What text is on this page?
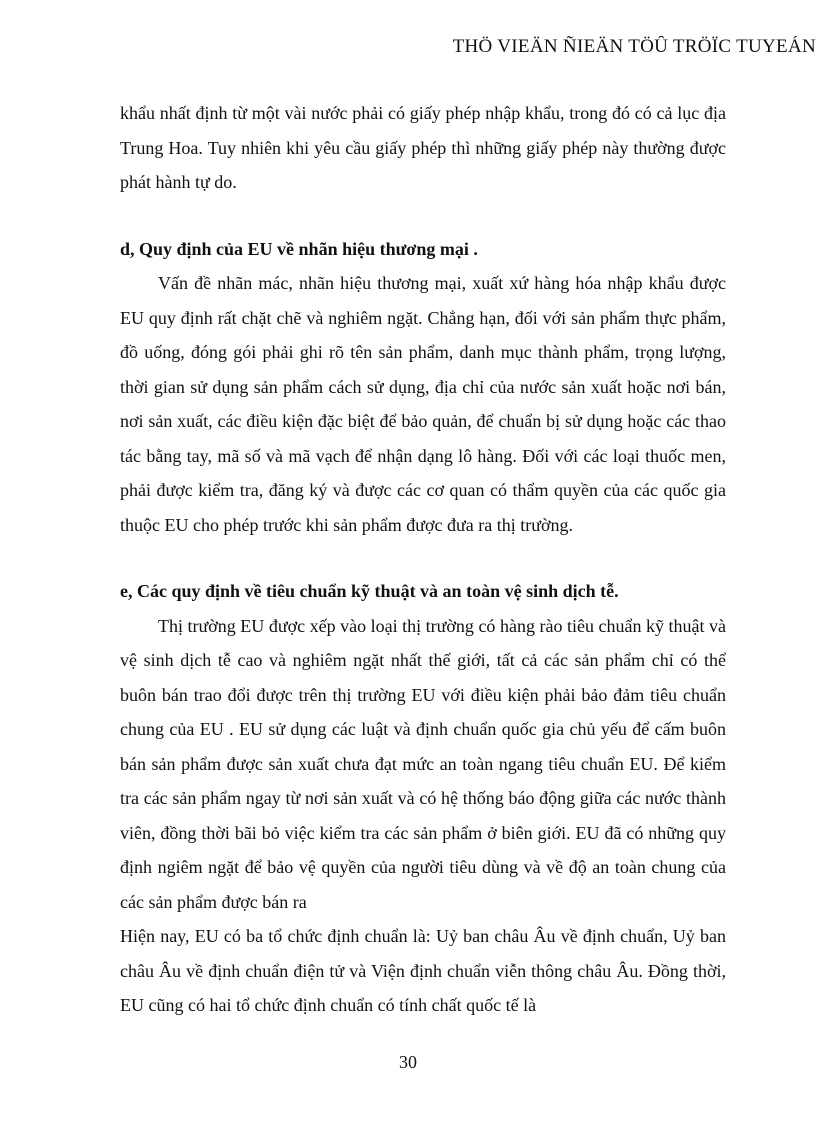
THÖ VIEÄN ÑIEÄN TÖÛ TRÖÏC TUYEÁN

khẩu nhất định từ một vài nước phải có giấy phép nhập khẩu, trong đó có cả lục địa Trung Hoa. Tuy nhiên khi yêu cầu giấy phép thì những giấy phép này thường được phát hành tự do.

d, Quy định của EU về nhãn hiệu thương mại .

Vấn đề nhãn mác, nhãn hiệu thương mại, xuất xứ hàng hóa nhập khẩu được EU quy định rất chặt chẽ và nghiêm ngặt. Chẳng hạn, đối với sản phẩm thực phẩm, đồ uống, đóng gói phải ghi rõ tên sản phẩm, danh mục thành phẩm, trọng lượng, thời gian sử dụng sản phẩm cách sử dụng, địa chỉ của nước sản xuất hoặc nơi bán, nơi sản xuất, các điều kiện đặc biệt để bảo quản, để chuẩn bị sử dụng hoặc các thao tác bằng tay, mã số và mã vạch để nhận dạng lô hàng. Đối với các loại thuốc men, phải được kiểm tra, đăng ký và được các cơ quan có thẩm quyền của các quốc gia thuộc EU cho phép trước khi sản phẩm được đưa ra thị trường.

e, Các quy định về tiêu chuẩn kỹ thuật và an toàn vệ sinh dịch tễ.

Thị trường EU được xếp vào loại thị trường có hàng rào tiêu chuẩn kỹ thuật và vệ sinh dịch tễ cao và nghiêm ngặt nhất thế giới, tất cả các sản phẩm chỉ có thể buôn bán trao đổi được trên thị trường EU với điều kiện phải bảo đảm tiêu chuẩn chung của EU . EU sử dụng các luật và định chuẩn quốc gia chủ yếu để cấm buôn bán sản phẩm được sản xuất chưa đạt mức an toàn ngang tiêu chuẩn EU. Để kiểm tra các sản phẩm ngay từ nơi sản xuất và có hệ thống báo động giữa các nước thành viên, đồng thời bãi bỏ việc kiểm tra các sản phẩm ở biên giới. EU đã có những quy định ngiêm ngặt để bảo vệ quyền của người tiêu dùng và về độ an toàn chung của các sản phẩm được bán ra

Hiện nay, EU có ba tổ chức định chuẩn là: Uỷ ban châu Âu về định chuẩn, Uỷ ban châu Âu về định chuẩn điện tử và Viện định chuẩn viễn thông châu Âu. Đồng thời, EU cũng có hai tổ chức định chuẩn có tính chất quốc tế là

30
